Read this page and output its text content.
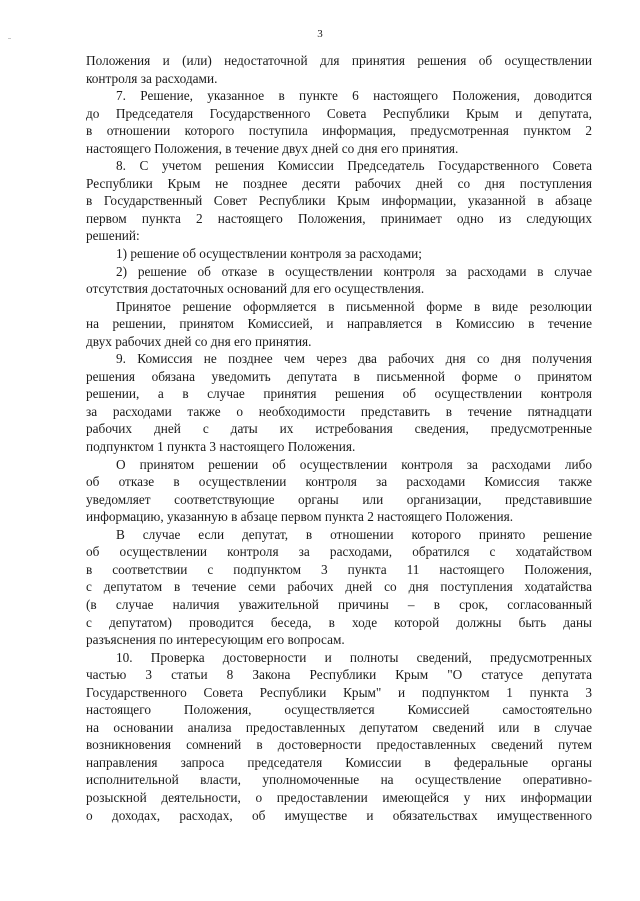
3
Положения и (или) недостаточной для принятия решения об осуществлении
контроля за расходами.
7. Решение, указанное в пункте 6 настоящего Положения, доводится
до Председателя Государственного Совета Республики Крым и депутата,
в отношении которого поступила информация, предусмотренная пунктом 2
настоящего Положения, в течение двух дней со дня его принятия.
8. С учетом решения Комиссии Председатель Государственного Совета
Республики Крым не позднее десяти рабочих дней со дня поступления
в Государственный Совет Республики Крым информации, указанной в абзаце
первом пункта 2 настоящего Положения, принимает одно из следующих
решений:
1) решение об осуществлении контроля за расходами;
2) решение об отказе в осуществлении контроля за расходами в случае
отсутствия достаточных оснований для его осуществления.
Принятое решение оформляется в письменной форме в виде резолюции
на решении, принятом Комиссией, и направляется в Комиссию в течение
двух рабочих дней со дня его принятия.
9. Комиссия не позднее чем через два рабочих дня со дня получения
решения обязана уведомить депутата в письменной форме о принятом
решении, а в случае принятия решения об осуществлении контроля
за расходами также о необходимости представить в течение пятнадцати
рабочих дней с даты их истребования сведения, предусмотренные
подпунктом 1 пункта 3 настоящего Положения.
О принятом решении об осуществлении контроля за расходами либо
об отказе в осуществлении контроля за расходами Комиссия также
уведомляет соответствующие органы или организации, представившие
информацию, указанную в абзаце первом пункта 2 настоящего Положения.
В случае если депутат, в отношении которого принято решение
об осуществлении контроля за расходами, обратился с ходатайством
в соответствии с подпунктом 3 пункта 11 настоящего Положения,
с депутатом в течение семи рабочих дней со дня поступления ходатайства
(в случае наличия уважительной причины – в срок, согласованный
с депутатом) проводится беседа, в ходе которой должны быть даны
разъяснения по интересующим его вопросам.
10. Проверка достоверности и полноты сведений, предусмотренных
частью 3 статьи 8 Закона Республики Крым "О статусе депутата
Государственного Совета Республики Крым" и подпунктом 1 пункта 3
настоящего Положения, осуществляется Комиссией самостоятельно
на основании анализа предоставленных депутатом сведений или в случае
возникновения сомнений в достоверности предоставленных сведений путем
направления запроса председателя Комиссии в федеральные органы
исполнительной власти, уполномоченные на осуществление оперативно-
розыскной деятельности, о предоставлении имеющейся у них информации
о доходах, расходах, об имуществе и обязательствах имущественного
